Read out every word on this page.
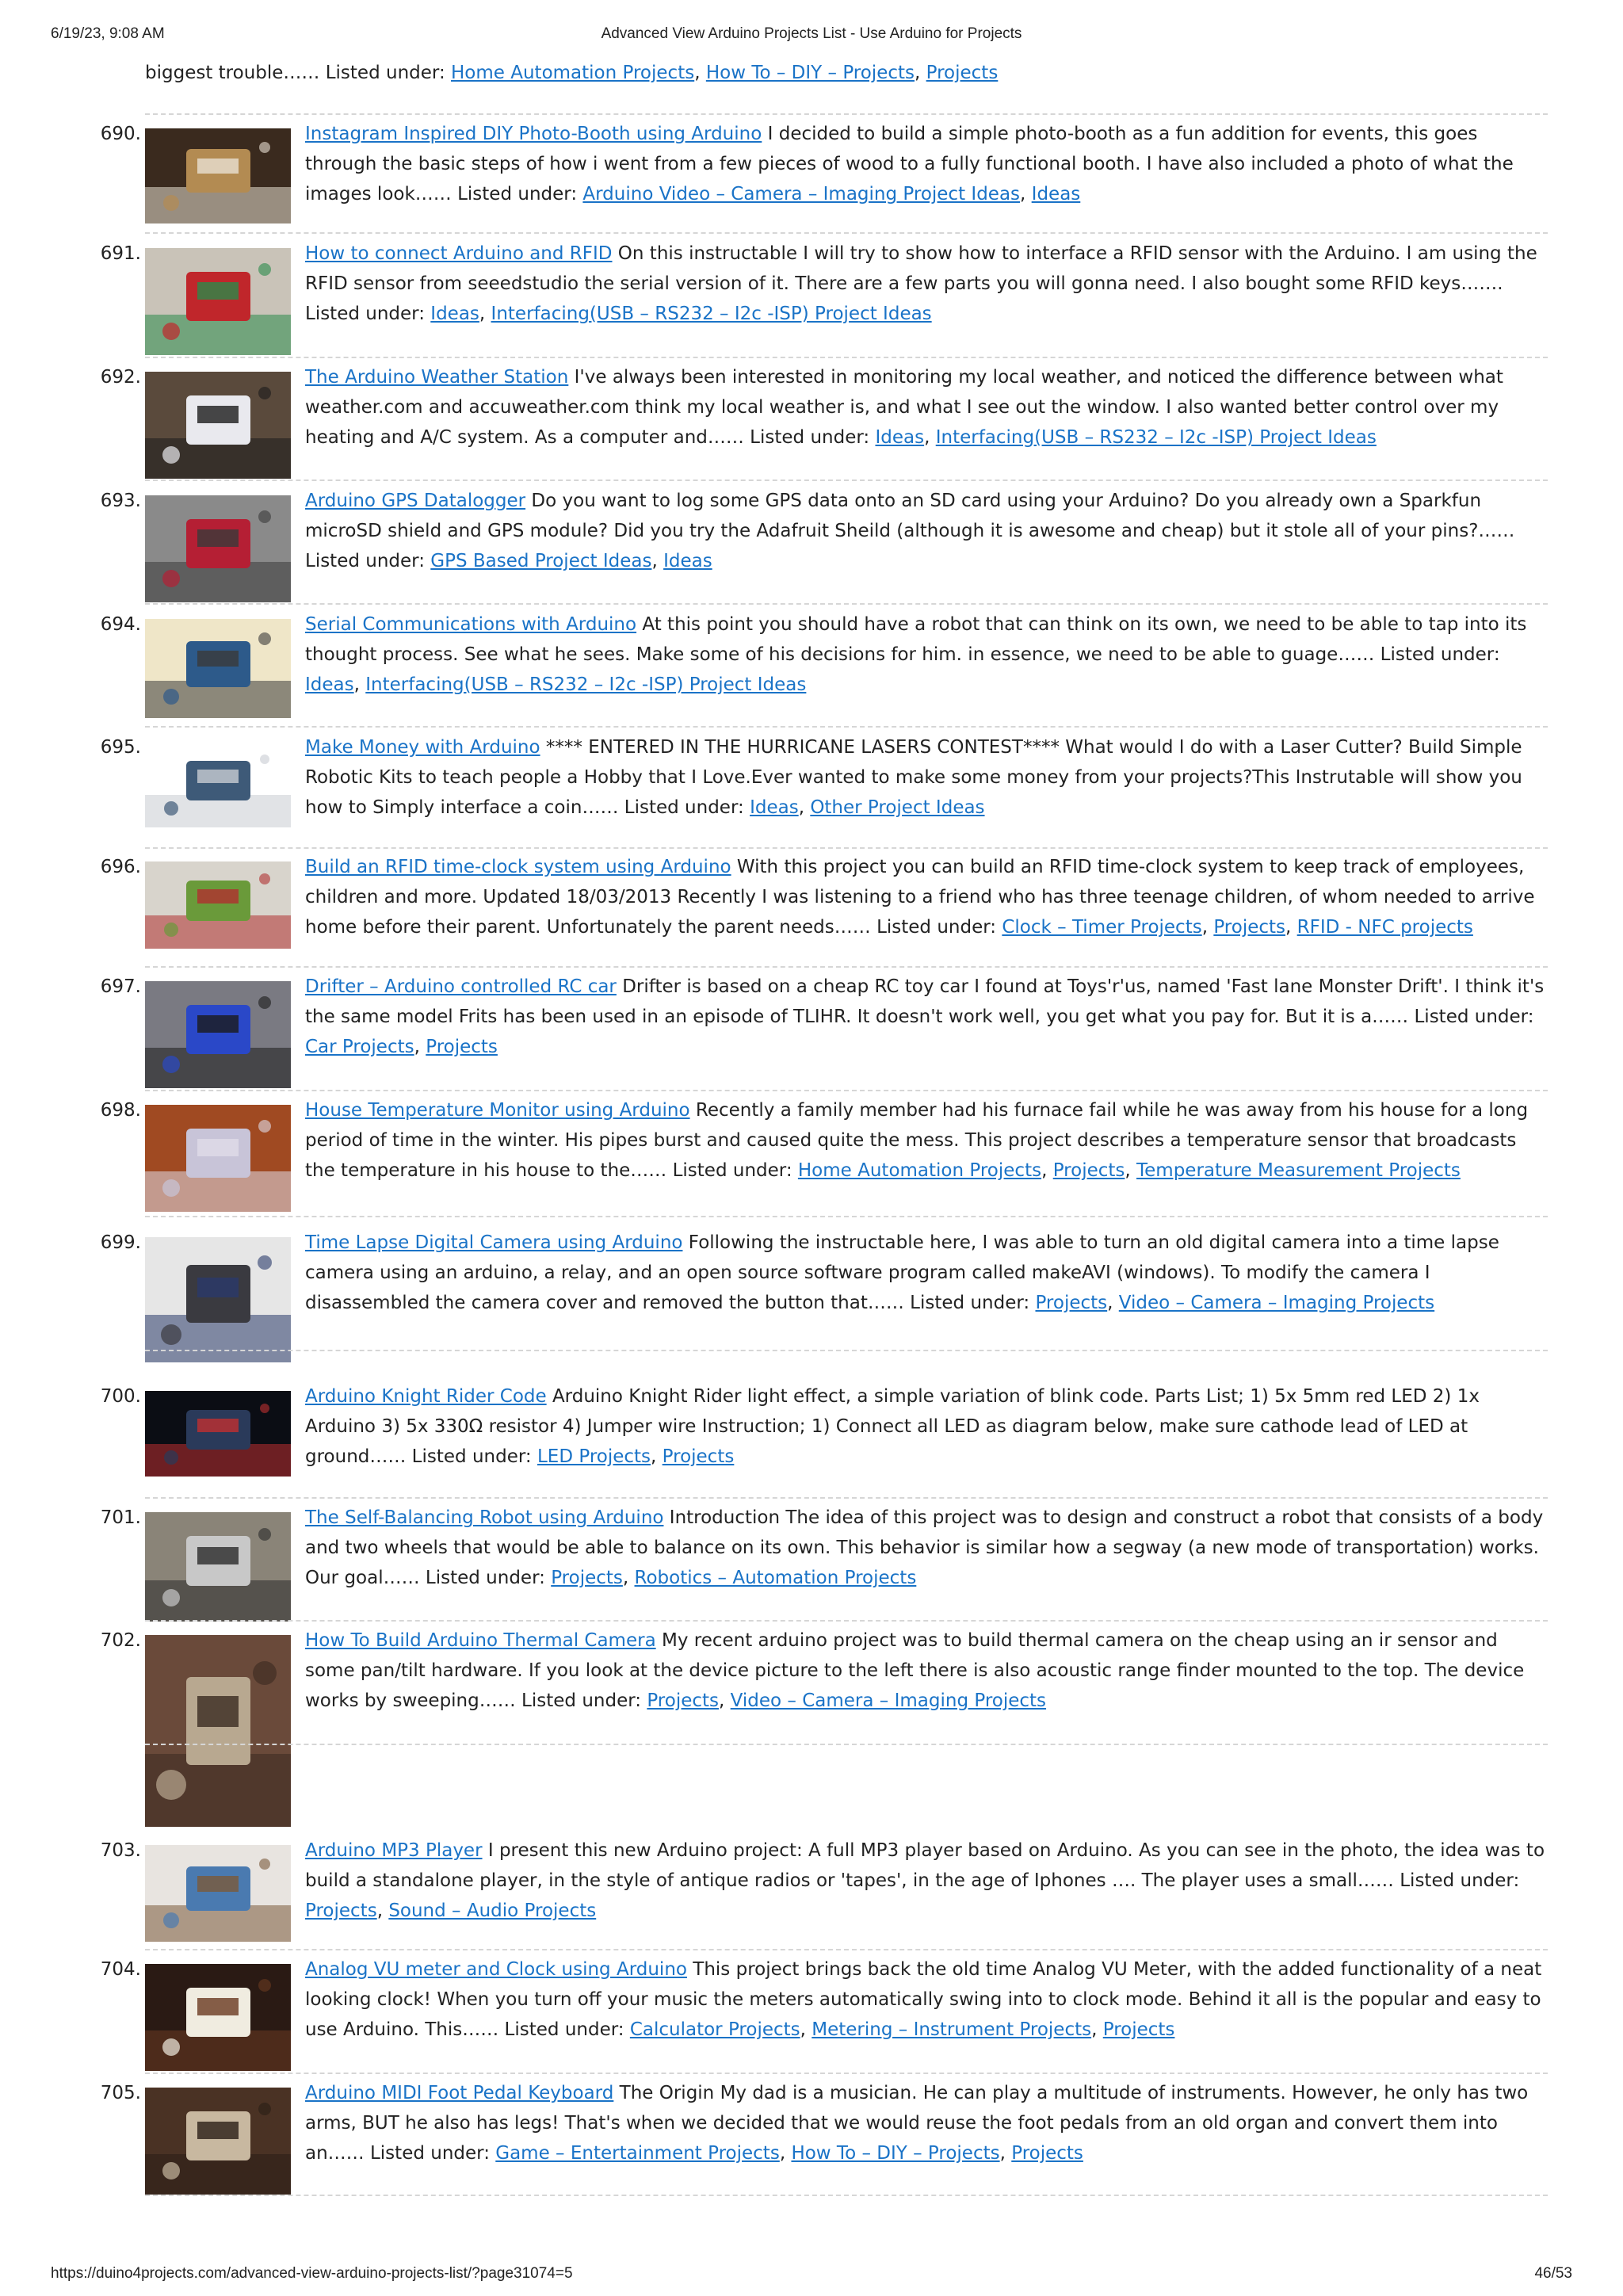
6/19/23, 9:08 AM	Advanced View Arduino Projects List - Use Arduino for Projects
biggest trouble…… Listed under: Home Automation Projects, How To – DIY – Projects, Projects
690.	Instagram Inspired DIY Photo-Booth using Arduino I decided to build a simple photo-booth as a fun addition for events, this goes through the basic steps of how i went from a few pieces of wood to a fully functional booth. I have also included a photo of what the images look…… Listed under: Arduino Video – Camera – Imaging Project Ideas, Ideas
691.	How to connect Arduino and RFID On this instructable I will try to show how to interface a RFID sensor with the Arduino. I am using the RFID sensor from seeedstudio the serial version of it. There are a few parts you will gonna need. I also bought some RFID keys……. Listed under: Ideas, Interfacing(USB – RS232 – I2c -ISP) Project Ideas
692.	The Arduino Weather Station I've always been interested in monitoring my local weather, and noticed the difference between what weather.com and accuweather.com think my local weather is, and what I see out the window. I also wanted better control over my heating and A/C system. As a computer and…… Listed under: Ideas, Interfacing(USB – RS232 – I2c -ISP) Project Ideas
693.	Arduino GPS Datalogger Do you want to log some GPS data onto an SD card using your Arduino? Do you already own a Sparkfun microSD shield and GPS module? Did you try the Adafruit Sheild (although it is awesome and cheap) but it stole all of your pins?…… Listed under: GPS Based Project Ideas, Ideas
694.	Serial Communications with Arduino At this point you should have a robot that can think on its own, we need to be able to tap into its thought process. See what he sees. Make some of his decisions for him. in essence, we need to be able to guage…… Listed under: Ideas, Interfacing(USB – RS232 – I2c -ISP) Project Ideas
695.	Make Money with Arduino **** ENTERED IN THE HURRICANE LASERS CONTEST**** What would I do with a Laser Cutter? Build Simple Robotic Kits to teach people a Hobby that I Love.Ever wanted to make some money from your projects?This Instrutable will show you how to Simply interface a coin…… Listed under: Ideas, Other Project Ideas
696.	Build an RFID time-clock system using Arduino With this project you can build an RFID time-clock system to keep track of employees, children and more. Updated 18/03/2013 Recently I was listening to a friend who has three teenage children, of whom needed to arrive home before their parent. Unfortunately the parent needs…… Listed under: Clock – Timer Projects, Projects, RFID - NFC projects
697.	Drifter – Arduino controlled RC car Drifter is based on a cheap RC toy car I found at Toys'r'us, named 'Fast lane Monster Drift'. I think it's the same model Frits has been used in an episode of TLIHR. It doesn't work well, you get what you pay for. But it is a…… Listed under: Car Projects, Projects
698.	House Temperature Monitor using Arduino Recently a family member had his furnace fail while he was away from his house for a long period of time in the winter. His pipes burst and caused quite the mess. This project describes a temperature sensor that broadcasts the temperature in his house to the…… Listed under: Home Automation Projects, Projects, Temperature Measurement Projects
699.	Time Lapse Digital Camera using Arduino Following the instructable here, I was able to turn an old digital camera into a time lapse camera using an arduino, a relay, and an open source software program called makeAVI (windows). To modify the camera I disassembled the camera cover and removed the button that…… Listed under: Projects, Video – Camera – Imaging Projects
700.	Arduino Knight Rider Code Arduino Knight Rider light effect, a simple variation of blink code. Parts List; 1) 5x 5mm red LED 2) 1x Arduino 3) 5x 330Ω resistor 4) Jumper wire Instruction; 1) Connect all LED as diagram below, make sure cathode lead of LED at ground…… Listed under: LED Projects, Projects
701.	The Self-Balancing Robot using Arduino Introduction The idea of this project was to design and construct a robot that consists of a body and two wheels that would be able to balance on its own. This behavior is similar how a segway (a new mode of transportation) works. Our goal…… Listed under: Projects, Robotics – Automation Projects
702.	How To Build Arduino Thermal Camera My recent arduino project was to build thermal camera on the cheap using an ir sensor and some pan/tilt hardware. If you look at the device picture to the left there is also acoustic range finder mounted to the top. The device works by sweeping…… Listed under: Projects, Video – Camera – Imaging Projects
703.	Arduino MP3 Player I present this new Arduino project: A full MP3 player based on Arduino. As you can see in the photo, the idea was to build a standalone player, in the style of antique radios or 'tapes', in the age of Iphones …. The player uses a small…… Listed under: Projects, Sound – Audio Projects
704.	Analog VU meter and Clock using Arduino This project brings back the old time Analog VU Meter, with the added functionality of a neat looking clock! When you turn off your music the meters automatically swing into to clock mode. Behind it all is the popular and easy to use Arduino. This…… Listed under: Calculator Projects, Metering – Instrument Projects, Projects
705.	Arduino MIDI Foot Pedal Keyboard The Origin My dad is a musician. He can play a multitude of instruments. However, he only has two arms, BUT he also has legs! That's when we decided that we would reuse the foot pedals from an old organ and convert them into an…… Listed under: Game – Entertainment Projects, How To – DIY – Projects, Projects
https://duino4projects.com/advanced-view-arduino-projects-list/?page31074=5	46/53
